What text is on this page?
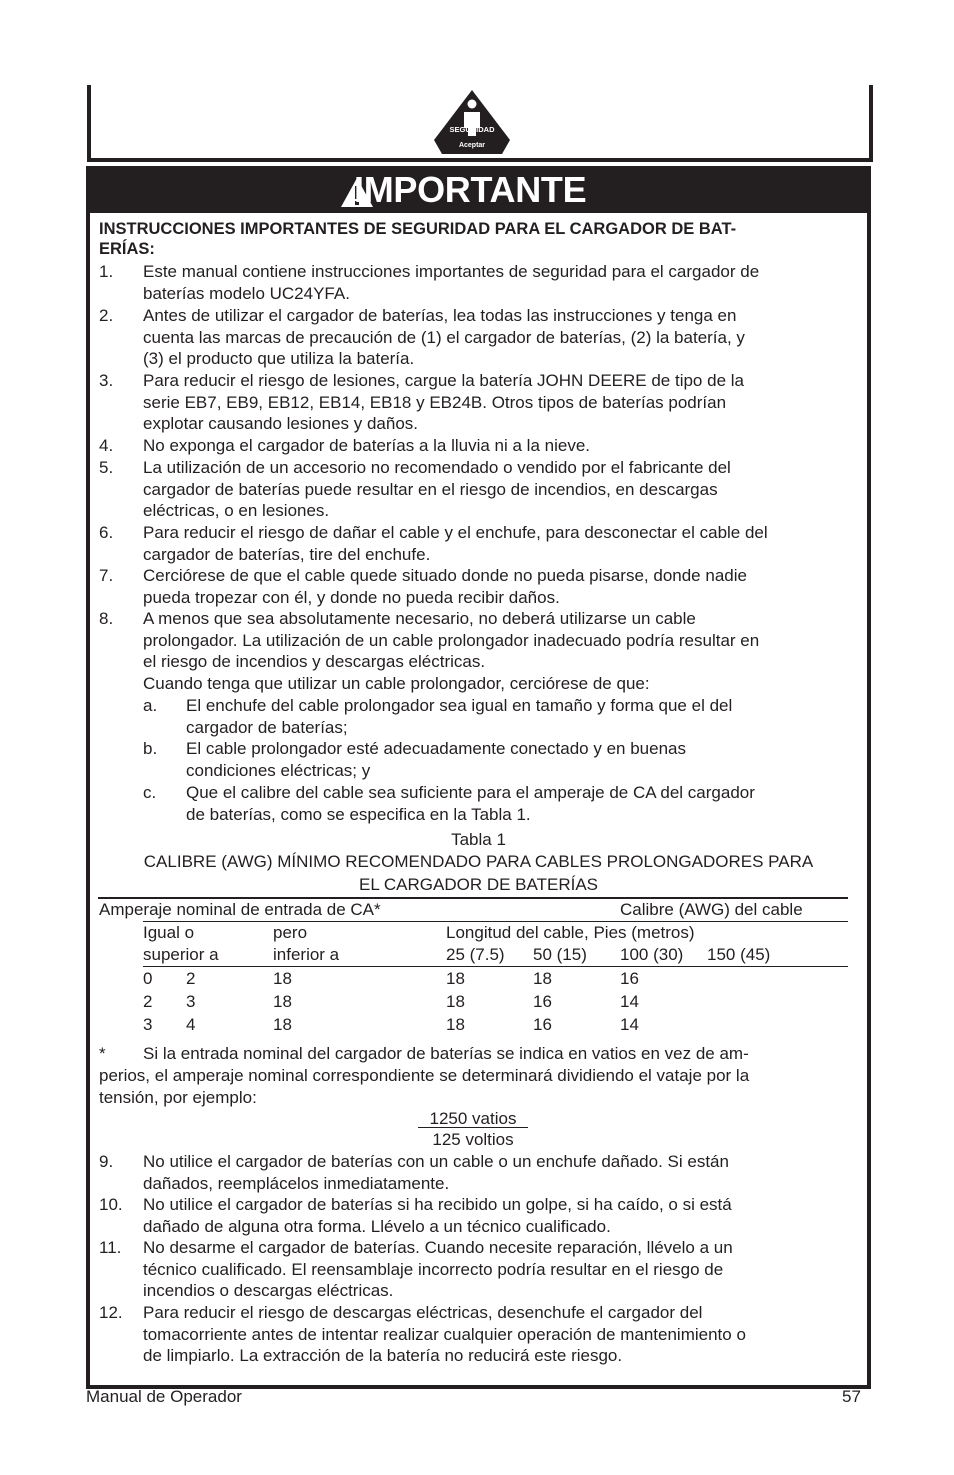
SEGURIDAD
Aceptar
IMPORTANTE
INSTRUCCIONES IMPORTANTES DE SEGURIDAD PARA EL CARGADOR DE BAT-
ERÍAS:
1. Este manual contiene instrucciones importantes de seguridad para el cargador de
baterías modelo UC24YFA.
2. Antes de utilizar el cargador de baterías, lea todas las instrucciones y tenga en
cuenta las marcas de precaución de (1) el cargador de baterías, (2) la batería, y
(3) el producto que utiliza la batería.
3. Para reducir el riesgo de lesiones, cargue la batería JOHN DEERE de tipo de la
serie EB7, EB9, EB12, EB14, EB18 y EB24B. Otros tipos de baterías podrían
explotar causando lesiones y daños.
4. No exponga el cargador de baterías a la lluvia ni a la nieve.
5. La utilización de un accesorio no recomendado o vendido por el fabricante del
cargador de baterías puede resultar en el riesgo de incendios, en descargas
eléctricas, o en lesiones.
6. Para reducir el riesgo de dañar el cable y el enchufe, para desconectar el cable del
cargador de baterías, tire del enchufe.
7. Cerciórese de que el cable quede situado donde no pueda pisarse, donde nadie
pueda tropezar con él, y donde no pueda recibir daños.
8. A menos que sea absolutamente necesario, no deberá utilizarse un cable
prolongador. La utilización de un cable prolongador inadecuado podría resultar en
el riesgo de incendios y descargas eléctricas.
Cuando tenga que utilizar un cable prolongador, cerciórese de que:
a. El enchufe del cable prolongador sea igual en tamaño y forma que el del
cargador de baterías;
b. El cable prolongador esté adecuadamente conectado y en buenas
condiciones eléctricas; y
c. Que el calibre del cable sea suficiente para el amperaje de CA del cargador
de baterías, como se especifica en la Tabla 1.
Tabla 1
CALIBRE (AWG) MÍNIMO RECOMENDADO PARA CABLES PROLONGADORES PARA
EL CARGADOR DE BATERÍAS
Amperaje nominal de entrada de CA*	Calibre (AWG) del cable
Igual o	pero	Longitud del cable, Pies (metros)
superior a	inferior a	25 (7.5) 50 (15) 100 (30) 150 (45)
0 2	18	18	18	16
2 3	18	18	16	14
3 4	18	18	16	14
* Si la entrada nominal del cargador de baterías se indica en vatios en vez de am-
perios, el amperaje nominal correspondiente se determinará dividiendo el vataje por la
tensión, por ejemplo:
1250 vatios
125 voltios
9. No utilice el cargador de baterías con un cable o un enchufe dañado. Si están
dañados, reemplácelos inmediatamente.
10. No utilice el cargador de baterías si ha recibido un golpe, si ha caído, o si está
dañado de alguna otra forma. Llévelo a un técnico cualificado.
11. No desarme el cargador de baterías. Cuando necesite reparación, llévelo a un
técnico cualificado. El reensamblaje incorrecto podría resultar en el riesgo de
incendios o descargas eléctricas.
12. Para reducir el riesgo de descargas eléctricas, desenchufe el cargador del
tomacorriente antes de intentar realizar cualquier operación de mantenimiento o
de limpiarlo. La extracción de la batería no reducirá este riesgo.
Manual de Operador	57
